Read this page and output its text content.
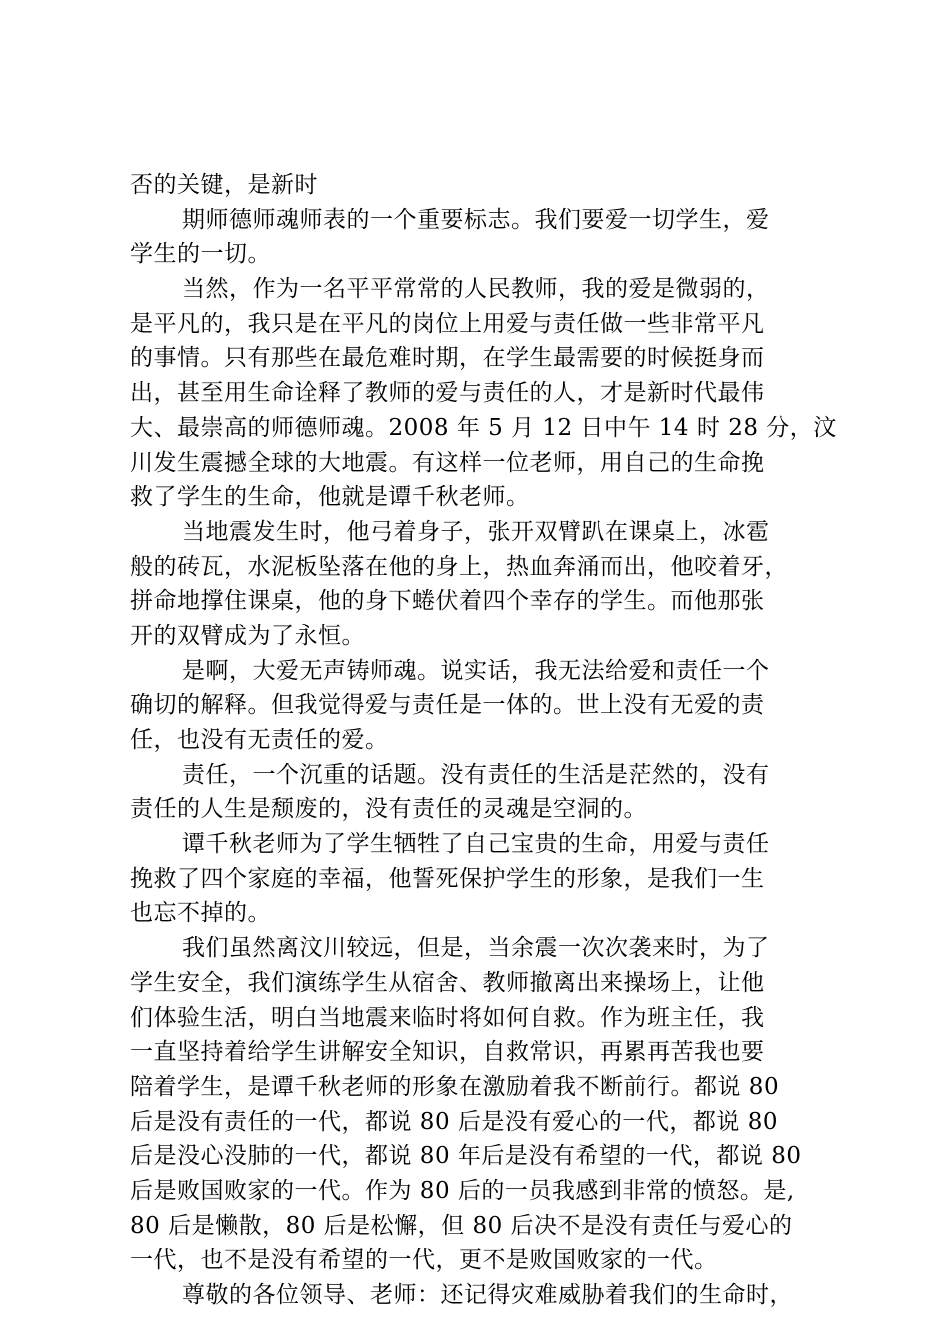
否的关键，是新时
期师德师魂师表的一个重要标志。我们要爱一切学生，爱
学生的一切。
当然，作为一名平平常常的人民教师，我的爱是微弱的，
是平凡的，我只是在平凡的岗位上用爱与责任做一些非常平凡
的事情。只有那些在最危难时期，在学生最需要的时候挺身而
出，甚至用生命诠释了教师的爱与责任的人，才是新时代最伟
大、最崇高的师德师魂。2008 年 5 月 12 日中午 14 时 28 分，汶
川发生震撼全球的大地震。有这样一位老师，用自己的生命挽
救了学生的生命，他就是谭千秋老师。
当地震发生时，他弓着身子，张开双臂趴在课桌上，冰雹
般的砖瓦，水泥板坠落在他的身上，热血奔涌而出，他咬着牙，
拼命地撑住课桌，他的身下蜷伏着四个幸存的学生。而他那张
开的双臂成为了永恒。
是啊，大爱无声铸师魂。说实话，我无法给爱和责任一个
确切的解释。但我觉得爱与责任是一体的。世上没有无爱的责
任，也没有无责任的爱。
责任，一个沉重的话题。没有责任的生活是茫然的，没有
责任的人生是颓废的，没有责任的灵魂是空洞的。
谭千秋老师为了学生牺牲了自己宝贵的生命，用爱与责任
挽救了四个家庭的幸福，他誓死保护学生的形象，是我们一生
也忘不掉的。
我们虽然离汶川较远，但是，当余震一次次袭来时，为了
学生安全，我们演练学生从宿舍、教师撤离出来操场上，让他
们体验生活，明白当地震来临时将如何自救。作为班主任，我
一直坚持着给学生讲解安全知识，自救常识，再累再苦我也要
陪着学生，是谭千秋老师的形象在激励着我不断前行。都说 80
后是没有责任的一代，都说 80 后是没有爱心的一代，都说 80
后是没心没肺的一代，都说 80 年后是没有希望的一代，都说 80
后是败国败家的一代。作为 80 后的一员我感到非常的愤怒。是,
80 后是懒散，80 后是松懈，但 80 后决不是没有责任与爱心的
一代，也不是没有希望的一代，更不是败国败家的一代。
尊敬的各位领导、老师：还记得灾难威胁着我们的生命时，
